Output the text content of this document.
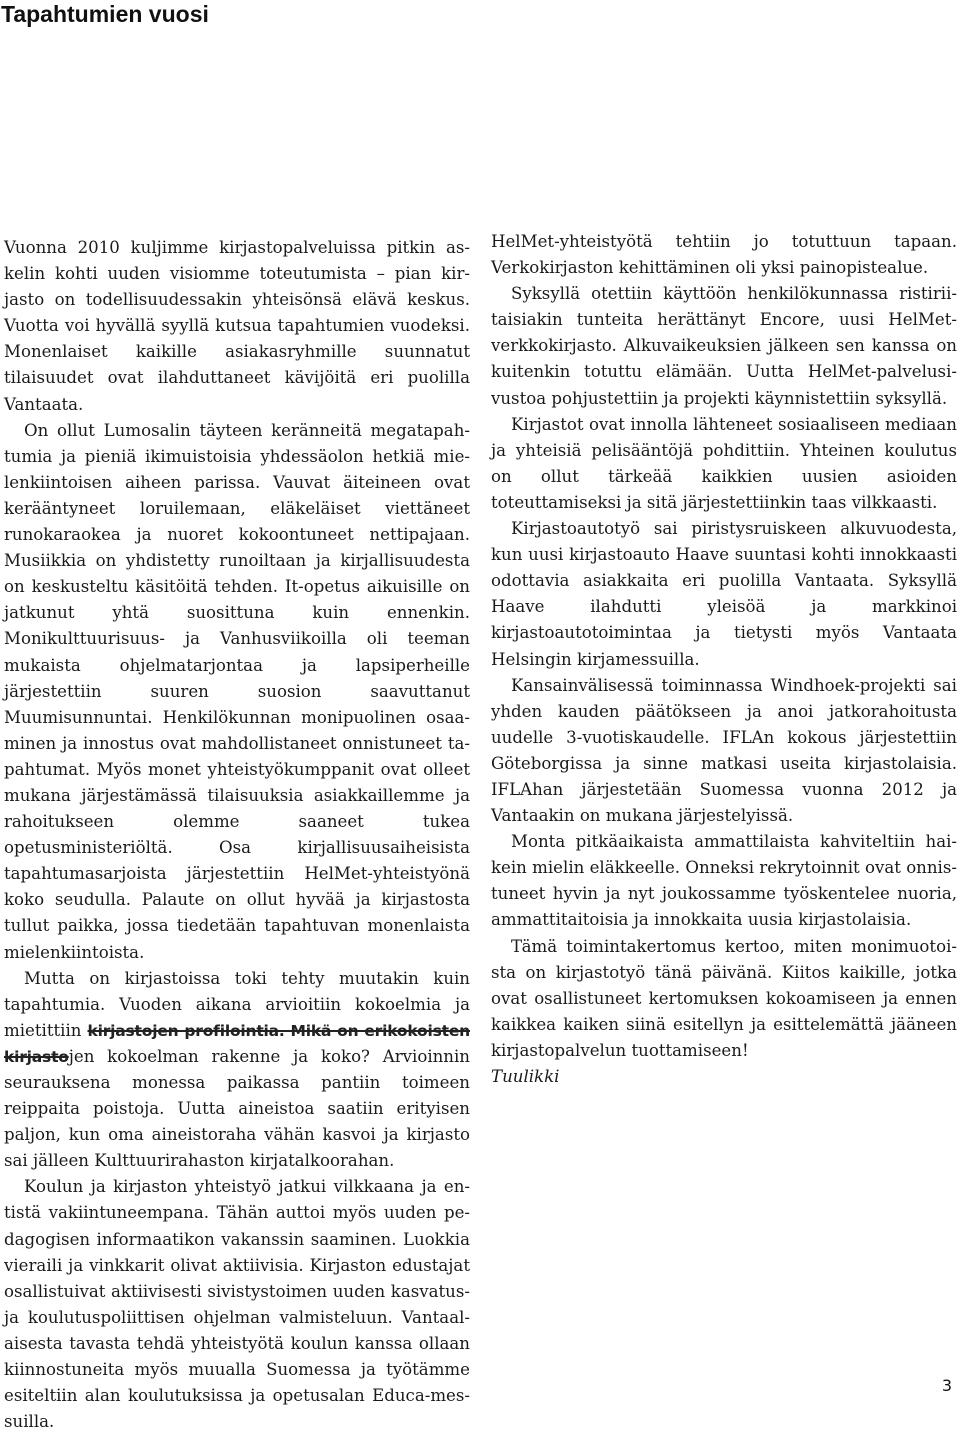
Tapahtumien vuosi

Vuonna 2010 kuljimme kirjastopalveluissa pitkin askelin kohti uuden visiomme toteutumista – pian kirjasto on todellisuudessakin yhteisönsä elävä keskus. Vuotta voi hyvällä syyllä kutsua tapahtumien vuodeksi. Monenlaiset kaikille asiakasryhmille suunnatut tilaisuudet ovat ilahduttaneet kävijöitä eri puolilla Vantaata.

On ollut Lumosalin täyteen keränneitä megatapahtumia ja pieniä ikimuistoisia yhdessäolon hetkiä mielenkiintoisen aiheen parissa. Vauvat äiteineen ovat kerääntyneet loruilemaan, eläkeläiset viettäneet runokaraokea ja nuoret kokoontuneet nettipajaan. Musiikkia on yhdistetty runoiltaan ja kirjallisuudesta on keskusteltu käsitöitä tehden. It-opetus aikuisille on jatkunut yhtä suosittuna kuin ennenkin. Monikulttuurisuus- ja Vanhusviikoilla oli teeman mukaista ohjelmatarjontaa ja lapsiperheille järjestettiin suuren suosion saavuttanut Muumisunnuntai. Henkilökunnan monipuolinen osaaminen ja innostus ovat mahdollistaneet onnistuneet tapahtumat. Myös monet yhteistyökumppanit ovat olleet mukana järjestämässä tilaisuuksia asiakkaillemme ja rahoitukseen olemme saaneet tukea opetusministeriöltä. Osa kirjallisuusaiheisista tapahtumasarjoista järjestettiin HelMet-yhteistyönä koko seudulla. Palaute on ollut hyvää ja kirjastosta tullut paikka, jossa tiedetään tapahtuvan monenlaista mielenkiintoista.

Mutta on kirjastoissa toki tehty muutakin kuin tapahtumia. Vuoden aikana arvioitiin kokoelmia ja mietittiin kirjastojen profilointia. Mikä on erikokoisten kirjastojen kokoelman rakenne ja koko? Arvioinnin seurauksena monessa paikassa pantiin toimeen reippaita poistoja. Uutta aineistoa saatiin erityisen paljon, kun oma aineistoraha vähän kasvoi ja kirjasto sai jälleen Kulttuurirahaston kirjatalkoorahan.

Koulun ja kirjaston yhteistyö jatkui vilkkaana ja entistä vakiintuneempana. Tähän auttoi myös uuden pedagogisen informaatikon vakanssin saaminen. Luokkia vieraili ja vinkkarit olivat aktiivisia. Kirjaston edustajat osallistuivat aktiivisesti sivistystoimen uuden kasvatusja koulutuspoliittisen ohjelman valmisteluun. Vantaalaisesta tavasta tehdä yhteistyötä koulun kanssa ollaan kiinnostuneita myös muualla Suomessa ja työtämme esiteltiin alan koulutuksissa ja opetusalan Educa-messuilla.

HelMet-yhteistyötä tehtiin jo totuttuun tapaan. Verkokirjaston kehittäminen oli yksi painopistealue.

Syksyllä otettiin käyttöön henkilökunnassa ristiriitaisiakin tunteita herättänyt Encore, uusi HelMet-verkkokirjasto. Alkuvaikeuksien jälkeen sen kanssa on kuitenkin totuttu elämään. Uutta HelMet-palvelusivustoa pohjustettiin ja projekti käynnistettiin syksyllä.

Kirjastot ovat innolla lähteneet sosiaaliseen mediaan ja yhteisiä pelisääntöjä pohdittiin. Yhteinen koulutus on ollut tärkeää kaikkien uusien asioiden toteuttamiseksi ja sitä järjestettiinkin taas vilkkaasti.

Kirjastoautotyö sai piristysruiskeen alkuvuodesta, kun uusi kirjastoauto Haave suuntasi kohti innokkaasti odottavia asiakkaita eri puolilla Vantaata. Syksyllä Haave ilahdutti yleisöä ja markkinoi kirjastoautotoimintaa ja tietysti myös Vantaata Helsingin kirjamessuilla.

Kansainvälisessä toiminnassa Windhoek-projekti sai yhden kauden päätökseen ja anoi jatkorahoitusta uudelle 3-vuotiskaudelle. IFLAn kokous järjestettiin Göteborgissa ja sinne matkasi useita kirjastolaisia. IFLAhan järjestetään Suomessa vuonna 2012 ja Vantaakin on mukana järjestelyissä.

Monta pitkäaikaista ammattilaista kahviteltiin haikein mielin eläkkeelle. Onneksi rekrytoinnit ovat onnistuneet hyvin ja nyt joukossamme työskentelee nuoria, ammattitaitoisia ja innokkaita uusia kirjastolaisia.

Tämä toimintakertomus kertoo, miten monimuotoista on kirjastotyö tänä päivänä. Kiitos kaikille, jotka ovat osallistuneet kertomuksen kokoamiseen ja ennen kaikkea kaiken siinä esitellyn ja esittelemättä jääneen kirjastopalvelun tuottamiseen!

Tuulikki

3
